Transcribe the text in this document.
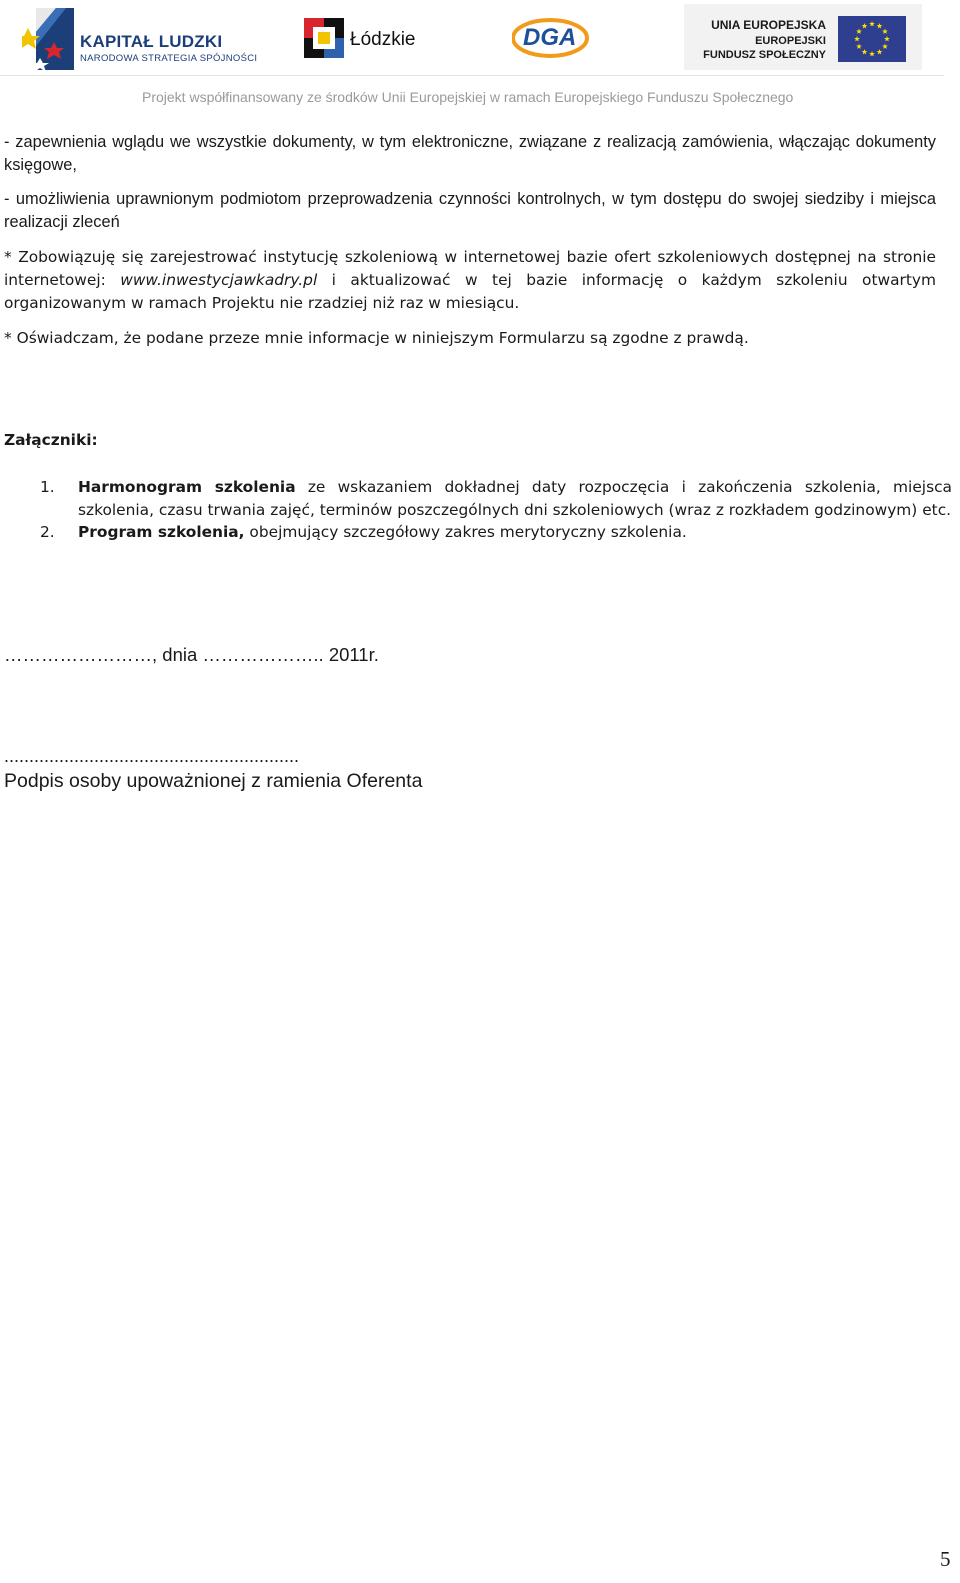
KAPITAŁ LUDZKI
NARODOWA STRATEGIA SPÓJNOŚCI
Łódzkie	DGA	UNIA EUROPEJSKA
EUROPEJSKI
FUNDUSZ SPOŁECZNY
Projekt współfinansowany ze środków Unii Europejskiej w ramach Europejskiego Funduszu Społecznego
- zapewnienia wglądu we wszystkie dokumenty, w tym elektroniczne, związane z realizacją zamówienia, włączając dokumenty księgowe,
- umożliwienia uprawnionym podmiotom przeprowadzenia czynności kontrolnych, w tym dostępu do swojej siedziby i miejsca realizacji zleceń
* Zobowiązuję się zarejestrować instytucję szkoleniową w internetowej bazie ofert szkoleniowych dostępnej na stronie internetowej: www.inwestycjawkadry.pl i aktualizować w tej bazie informację o każdym szkoleniu otwartym organizowanym w ramach Projektu nie rzadziej niż raz w miesiącu.
* Oświadczam, że podane przeze mnie informacje w niniejszym Formularzu są zgodne z prawdą.
Załączniki:
1. Harmonogram szkolenia ze wskazaniem dokładnej daty rozpoczęcia i zakończenia szkolenia, miejsca szkolenia, czasu trwania zajęć, terminów poszczególnych dni szkoleniowych (wraz z rozkładem godzinowym) etc.
2. Program szkolenia, obejmujący szczegółowy zakres merytoryczny szkolenia.
……………………, dnia ……………….. 2011r.
...........................................................
Podpis osoby upoważnionej z ramienia Oferenta
5
